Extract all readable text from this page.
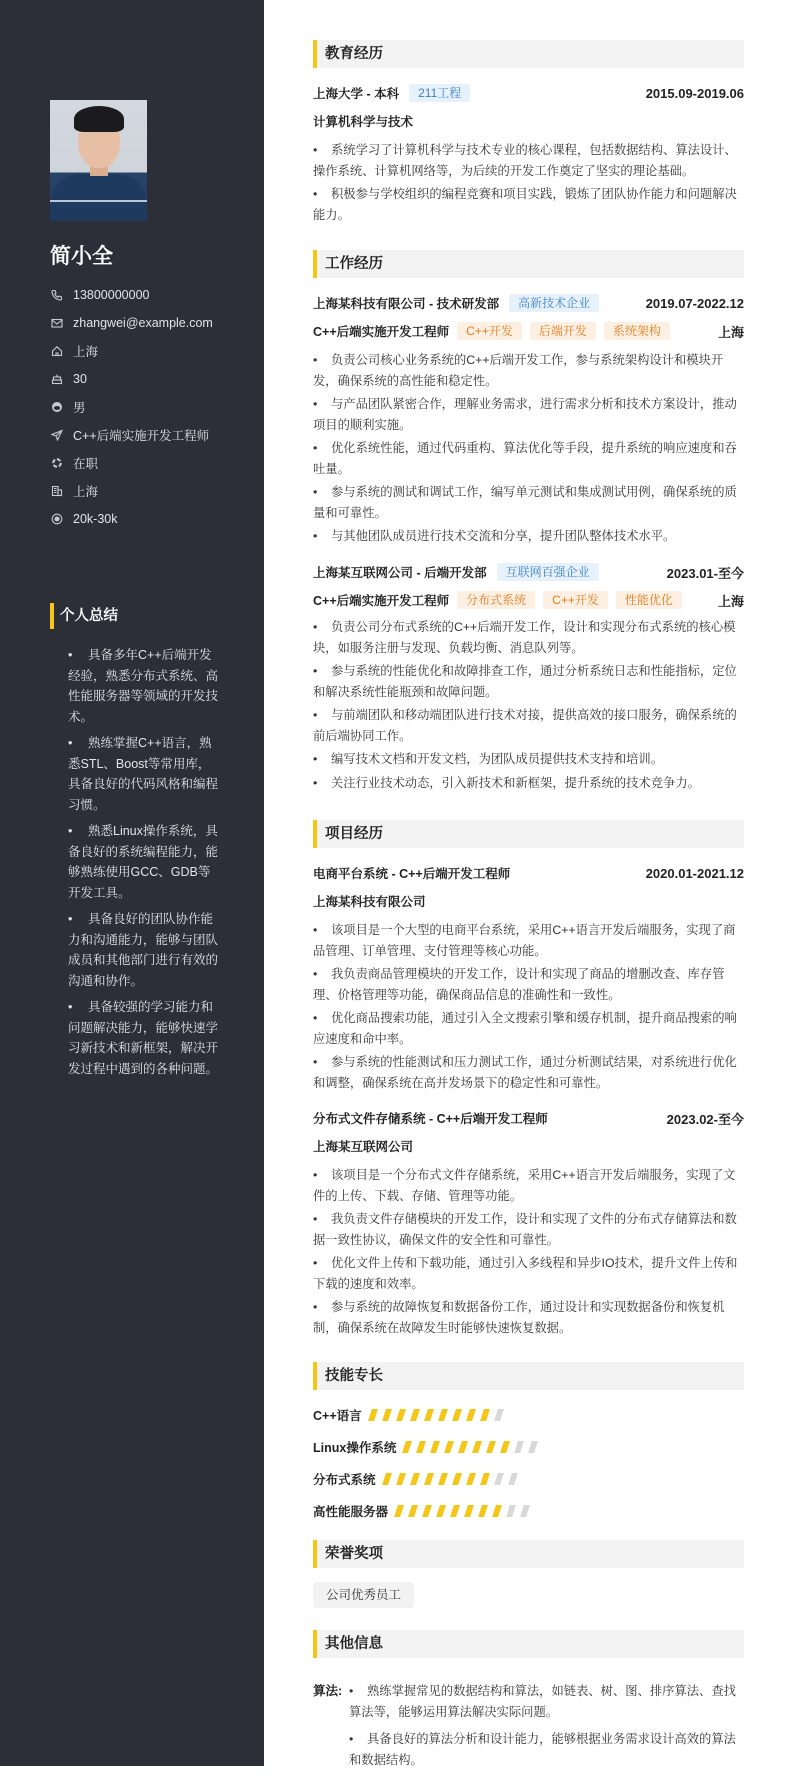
简小全
13800000000
zhangwei@example.com
上海
30
男
C++后端实施开发工程师
在职
上海
20k-30k
个人总结
• 具备多年C++后端开发经验，熟悉分布式系统、高性能服务器等领域的开发技术。
• 熟练掌握C++语言，熟悉STL、Boost等常用库，具备良好的代码风格和编程习惯。
• 熟悉Linux操作系统，具备良好的系统编程能力，能够熟练使用GCC、GDB等开发工具。
• 具备良好的团队协作能力和沟通能力，能够与团队成员和其他部门进行有效的沟通和协作。
• 具备较强的学习能力和问题解决能力，能够快速学习新技术和新框架，解决开发过程中遇到的各种问题。
教育经历
上海大学 - 本科	211工程	2015.09-2019.06
计算机科学与技术
• 系统学习了计算机科学与技术专业的核心课程，包括数据结构、算法设计、操作系统、计算机网络等，为后续的开发工作奠定了坚实的理论基础。
• 积极参与学校组织的编程竞赛和项目实践，锻炼了团队协作能力和问题解决能力。
工作经历
上海某科技有限公司 - 技术研发部	高新技术企业	2019.07-2022.12
C++后端实施开发工程师	C++开发	后端开发	系统架构	上海
• 负责公司核心业务系统的C++后端开发工作，参与系统架构设计和模块开发，确保系统的高性能和稳定性。
• 与产品团队紧密合作，理解业务需求，进行需求分析和技术方案设计，推动项目的顺利实施。
• 优化系统性能，通过代码重构、算法优化等手段，提升系统的响应速度和吞吐量。
• 参与系统的测试和调试工作，编写单元测试和集成测试用例，确保系统的质量和可靠性。
• 与其他团队成员进行技术交流和分享，提升团队整体技术水平。
上海某互联网公司 - 后端开发部	互联网百强企业	2023.01-至今
C++后端实施开发工程师	分布式系统	C++开发	性能优化	上海
• 负责公司分布式系统的C++后端开发工作，设计和实现分布式系统的核心模块，如服务注册与发现、负载均衡、消息队列等。
• 参与系统的性能优化和故障排查工作，通过分析系统日志和性能指标，定位和解决系统性能瓶颈和故障问题。
• 与前端团队和移动端团队进行技术对接，提供高效的接口服务，确保系统的前后端协同工作。
• 编写技术文档和开发文档，为团队成员提供技术支持和培训。
• 关注行业技术动态，引入新技术和新框架，提升系统的技术竞争力。
项目经历
电商平台系统 - C++后端开发工程师	2020.01-2021.12
上海某科技有限公司
• 该项目是一个大型的电商平台系统，采用C++语言开发后端服务，实现了商品管理、订单管理、支付管理等核心功能。
• 我负责商品管理模块的开发工作，设计和实现了商品的增删改查、库存管理、价格管理等功能，确保商品信息的准确性和一致性。
• 优化商品搜索功能，通过引入全文搜索引擎和缓存机制，提升商品搜索的响应速度和命中率。
• 参与系统的性能测试和压力测试工作，通过分析测试结果，对系统进行优化和调整，确保系统在高并发场景下的稳定性和可靠性。
分布式文件存储系统 - C++后端开发工程师	2023.02-至今
上海某互联网公司
• 该项目是一个分布式文件存储系统，采用C++语言开发后端服务，实现了文件的上传、下载、存储、管理等功能。
• 我负责文件存储模块的开发工作，设计和实现了文件的分布式存储算法和数据一致性协议，确保文件的安全性和可靠性。
• 优化文件上传和下载功能，通过引入多线程和异步IO技术，提升文件上传和下载的速度和效率。
• 参与系统的故障恢复和数据备份工作，通过设计和实现数据备份和恢复机制，确保系统在故障发生时能够快速恢复数据。
技能专长
C++语言
Linux操作系统
分布式系统
高性能服务器
荣誉奖项
公司优秀员工
其他信息
算法:	• 熟练掌握常见的数据结构和算法，如链表、树、图、排序算法、查找算法等，能够运用算法解决实际问题。
• 具备良好的算法分析和设计能力，能够根据业务需求设计高效的算法和数据结构。
